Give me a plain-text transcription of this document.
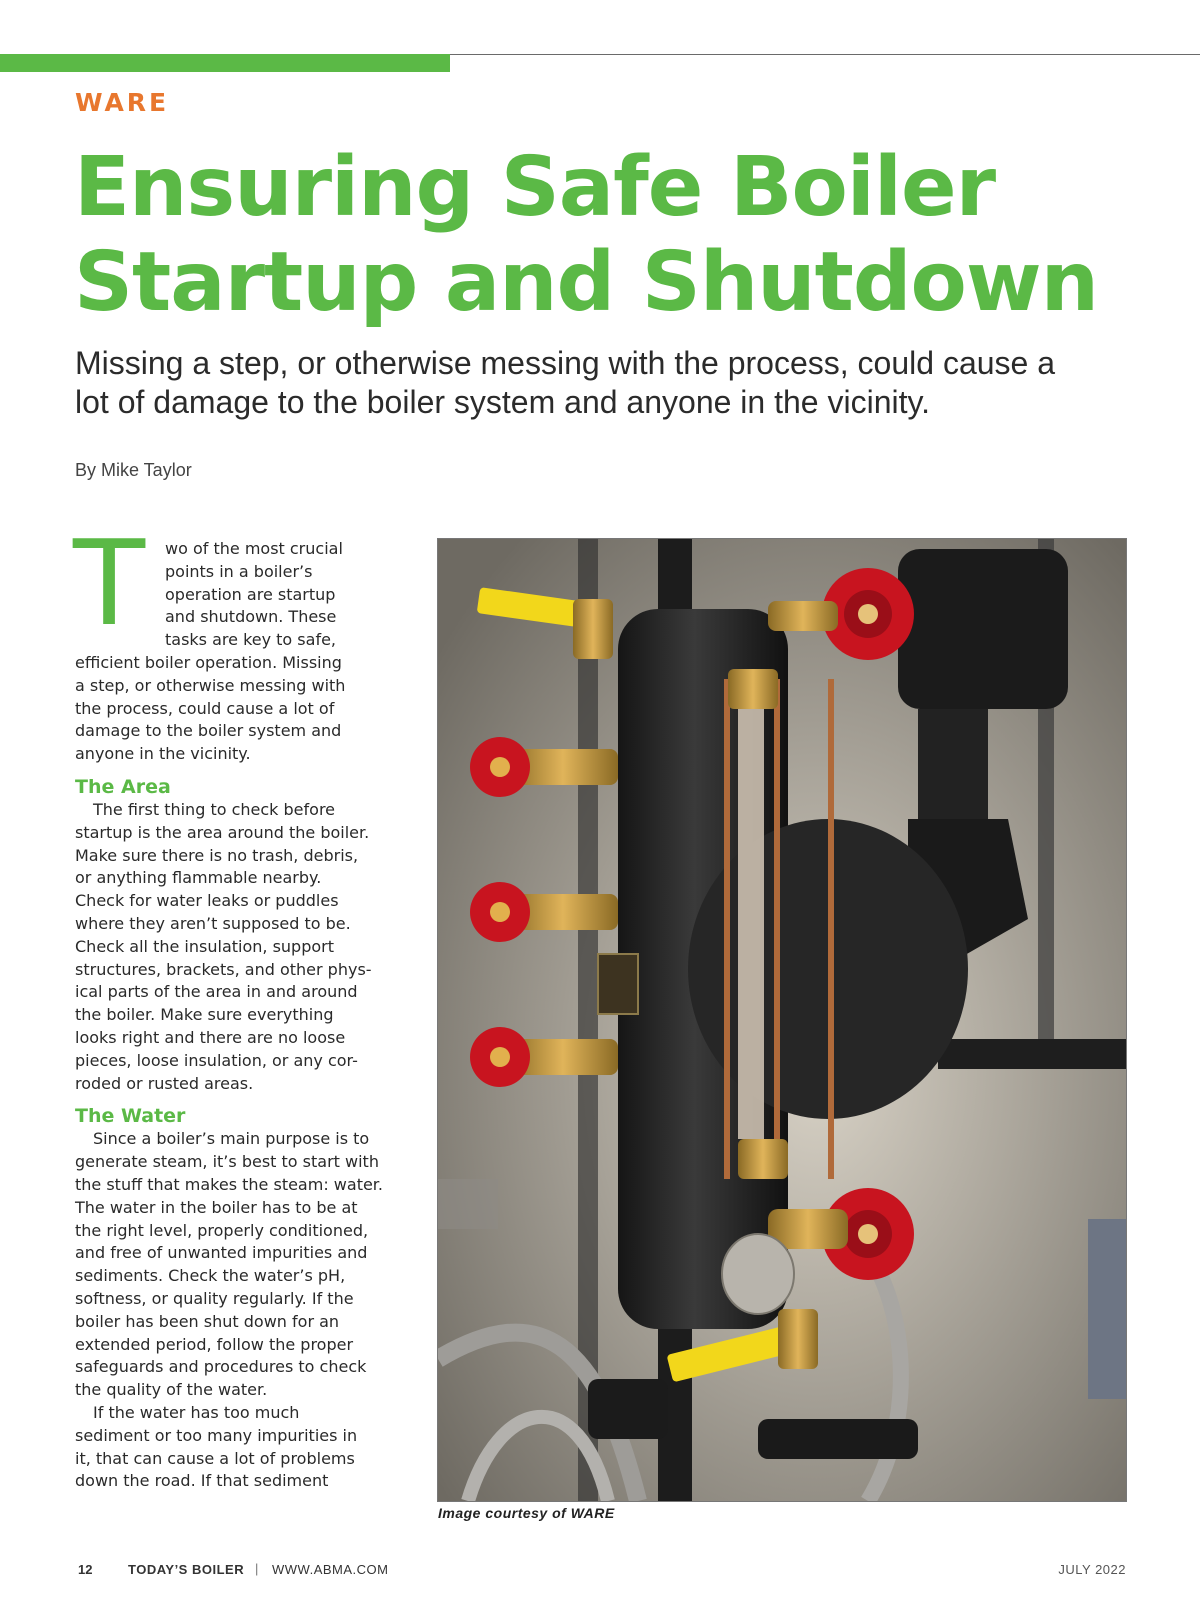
WARE
Ensuring Safe Boiler
Startup and Shutdown
Missing a step, or otherwise messing with the process, could cause a
lot of damage to the boiler system and anyone in the vicinity.
By Mike Taylor
T wo of the most crucial
points in a boiler’s
operation are startup
and shutdown. These
tasks are key to safe,
efficient boiler operation. Missing
a step, or otherwise messing with
the process, could cause a lot of
damage to the boiler system and
anyone in the vicinity.
The Area
The first thing to check before
startup is the area around the boiler.
Make sure there is no trash, debris,
or anything flammable nearby.
Check for water leaks or puddles
where they aren’t supposed to be.
Check all the insulation, support
structures, brackets, and other phys-
ical parts of the area in and around
the boiler. Make sure everything
looks right and there are no loose
pieces, loose insulation, or any cor-
roded or rusted areas.
The Water
Since a boiler’s main purpose is to
generate steam, it’s best to start with
the stuff that makes the steam: water.
The water in the boiler has to be at
the right level, properly conditioned,
and free of unwanted impurities and
sediments. Check the water’s pH,
softness, or quality regularly. If the
boiler has been shut down for an
extended period, follow the proper
safeguards and procedures to check
the quality of the water.
If the water has too much
sediment or too many impurities in
it, that can cause a lot of problems
down the road. If that sediment
Image courtesy of WARE
12	TODAY’S BOILER | WWW.ABMA.COM	JULY 2022
